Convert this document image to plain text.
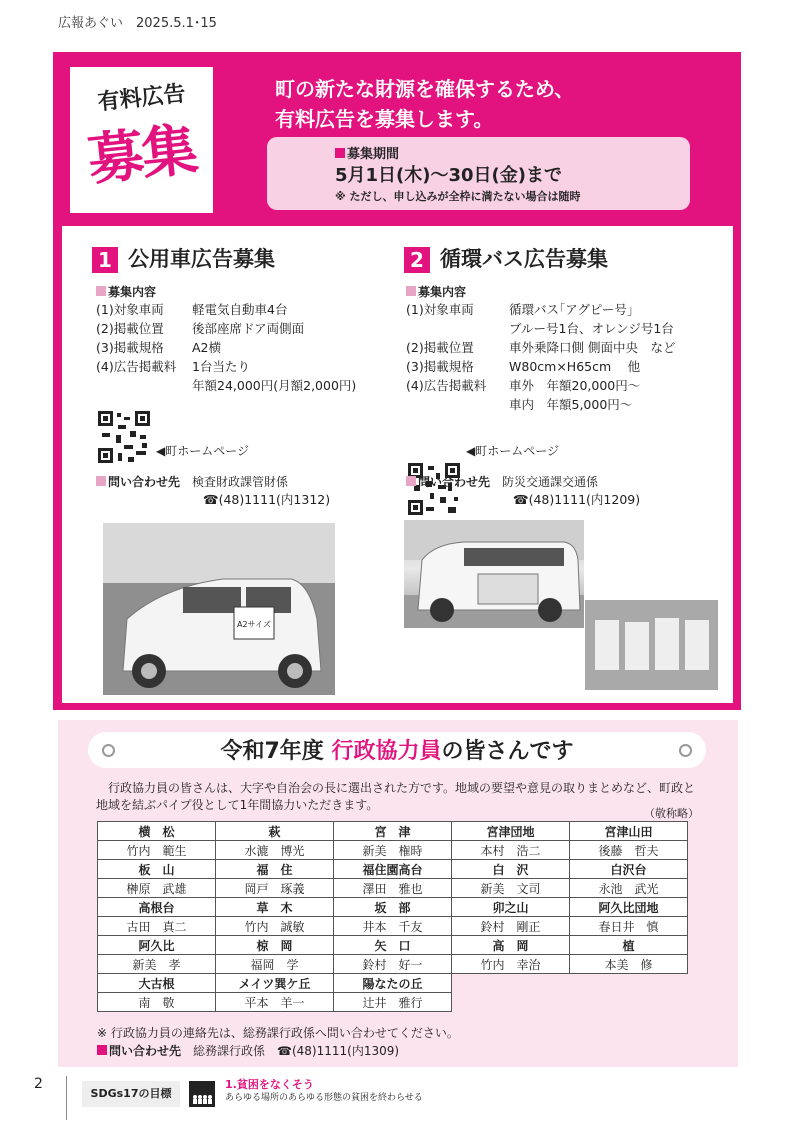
広報あぐい　2025.5.1･15
有料広告
募集
町の新たな財源を確保するため、
有料広告を募集します。
募集期間
5月1日(木)～30日(金)まで
※ ただし、申し込みが全枠に満たない場合は随時
1 公用車広告募集
募集内容
(1)対象車両 軽電気自動車4台
(2)掲載位置 後部座席ドア両側面
(3)掲載規格 A2横
(4)広告掲載料 1台当たり
年額24,000円(月額2,000円)
◀町ホームページ
問い合わせ先　 検査財政課管財係
☎(48)1111(内1312)
A2サイズ
2 循環バス広告募集
募集内容
(1)対象車両	循環バス｢アグピー号｣
ブルー号1台、オレンジ号1台
(2)掲載位置	車外乗降口側 側面中央　など
(3)掲載規格	W80cm×H65cm　 他
(4)広告掲載料 車外　年額20,000円～
車内　年額5,000円～
◀町ホームページ
問い合わせ先　 防災交通課交通係
☎(48)1111(内1209)
令和7年度 行政協力員の皆さんです
行政協力員の皆さんは、大字や自治会の長に選出された方です。地域の要望や意見の取りまとめなど、町政と地域を結ぶパイプ役として1年間協力いただきます。
（敬称略）
横　松	萩	宮　津	宮津団地	宮津山田
竹内　範生	水漉　博光	新美　権時	本村　浩二	後藤　哲夫
板　山	福　住	福住園高台	白　沢	白沢台
榊原　武雄	岡戸　琢義	澤田　雅也	新美　文司	永池　武光
高根台	草　木	坂　部	卯之山	阿久比団地
古田　真二	竹内　誠敏	井本　千友	鈴村　剛正	春日井　慎
阿久比	椋　岡	矢　口	高　岡	植
新美　孝	福岡　学	鈴村　好一	竹内　幸治	本美　修
大古根	メイツ巽ケ丘	陽なたの丘		
南　敬	平本　羊一	辻井　雅行		
※ 行政協力員の連絡先は、総務課行政係へ問い合わせてください。
問い合わせ先　 総務課行政係　☎(48)1111(内1309)
2
SDGs17の目標
1.貧困をなくそう
あらゆる場所のあらゆる形態の貧困を終わらせる
